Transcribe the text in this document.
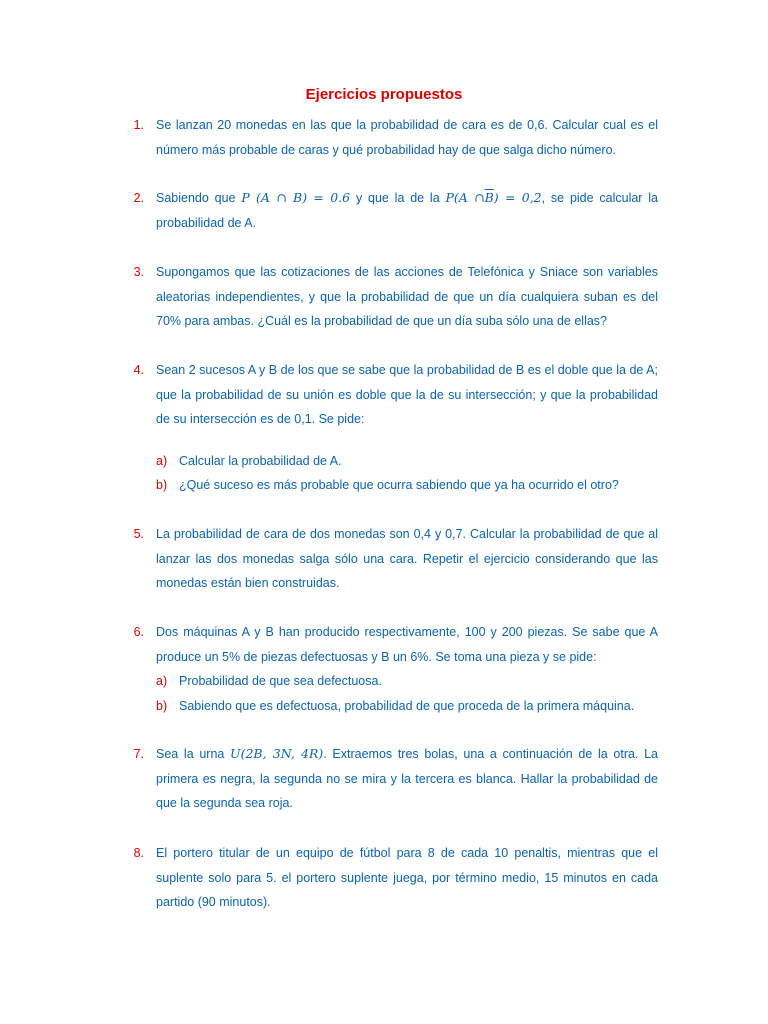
Ejercicios propuestos
1. Se lanzan 20 monedas en las que la probabilidad de cara es de 0,6. Calcular cual es el número más probable de caras y qué probabilidad hay de que salga dicho número.
2. Sabiendo que P (A ∩ B) = 0.6 y que la de la P(A $\cap\overline{B}) = 0,2$, se pide calcular la probabilidad de A.
3. Supongamos que las cotizaciones de las acciones de Telefónica y Sniace son variables aleatorias independientes, y que la probabilidad de que un día cualquiera suban es del 70% para ambas. ¿Cuál es la probabilidad de que un día suba sólo una de ellas?
4. Sean 2 sucesos A y B de los que se sabe que la probabilidad de B es el doble que la de A; que la probabilidad de su unión es doble que la de su intersección; y que la probabilidad de su intersección es de 0,1. Se pide:
a) Calcular la probabilidad de A.
b) ¿Qué suceso es más probable que ocurra sabiendo que ya ha ocurrido el otro?
5. La probabilidad de cara de dos monedas son 0,4 y 0,7. Calcular la probabilidad de que al lanzar las dos monedas salga sólo una cara. Repetir el ejercicio considerando que las monedas están bien construidas.
6. Dos máquinas A y B han producido respectivamente, 100 y 200 piezas. Se sabe que A produce un 5% de piezas defectuosas y B un 6%. Se toma una pieza y se pide:
a) Probabilidad de que sea defectuosa.
b) Sabiendo que es defectuosa, probabilidad de que proceda de la primera máquina.
7. Sea la urna U(2B, 3N, 4R). Extraemos tres bolas, una a continuación de la otra. La primera es negra, la segunda no se mira y la tercera es blanca. Hallar la probabilidad de que la segunda sea roja.
8. El portero titular de un equipo de fútbol para 8 de cada 10 penaltis, mientras que el suplente solo para 5. el portero suplente juega, por término medio, 15 minutos en cada partido (90 minutos).
